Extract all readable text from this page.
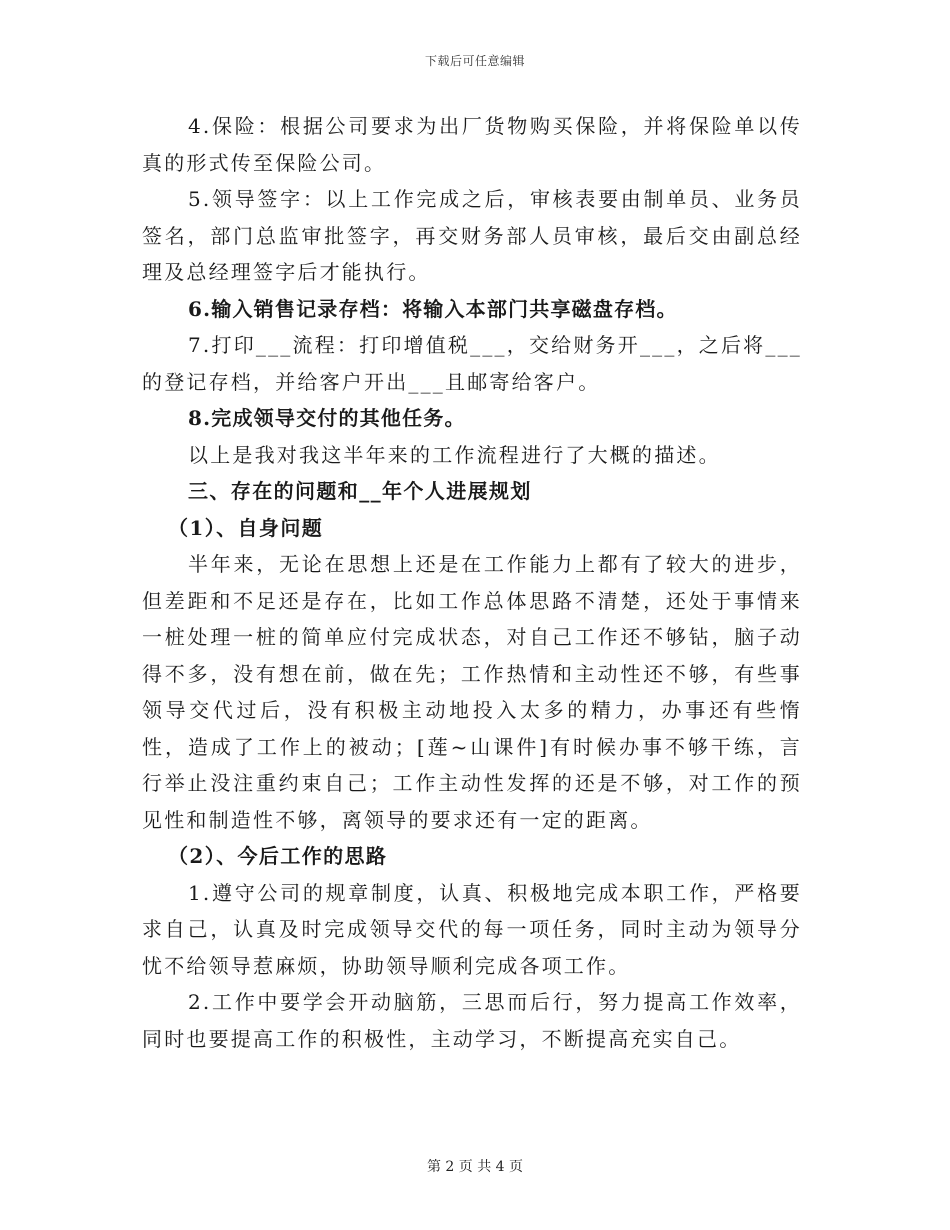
下载后可任意编辑

4.保险：根据公司要求为出厂货物购买保险，并将保险单以传真的形式传至保险公司。

5.领导签字：以上工作完成之后，审核表要由制单员、业务员签名，部门总监审批签字，再交财务部人员审核，最后交由副总经理及总经理签字后才能执行。

6.输入销售记录存档：将输入本部门共享磁盘存档。

7.打印___流程：打印增值税___，交给财务开___，之后将___的登记存档，并给客户开出___且邮寄给客户。

8.完成领导交付的其他任务。

以上是我对我这半年来的工作流程进行了大概的描述。

三、存在的问题和__年个人进展规划

（1）、自身问题

半年来，无论在思想上还是在工作能力上都有了较大的进步，但差距和不足还是存在，比如工作总体思路不清楚，还处于事情来一桩处理一桩的简单应付完成状态，对自己工作还不够钻，脑子动得不多，没有想在前，做在先；工作热情和主动性还不够，有些事领导交代过后，没有积极主动地投入太多的精力，办事还有些惰性，造成了工作上的被动；[莲~山课件]有时候办事不够干练，言行举止没注重约束自己；工作主动性发挥的还是不够，对工作的预见性和制造性不够，离领导的要求还有一定的距离。

（2）、今后工作的思路

1.遵守公司的规章制度，认真、积极地完成本职工作，严格要求自己，认真及时完成领导交代的每一项任务，同时主动为领导分忧不给领导惹麻烦，协助领导顺利完成各项工作。

2.工作中要学会开动脑筋，三思而后行，努力提高工作效率，同时也要提高工作的积极性，主动学习，不断提高充实自己。

第 2 页 共 4 页
